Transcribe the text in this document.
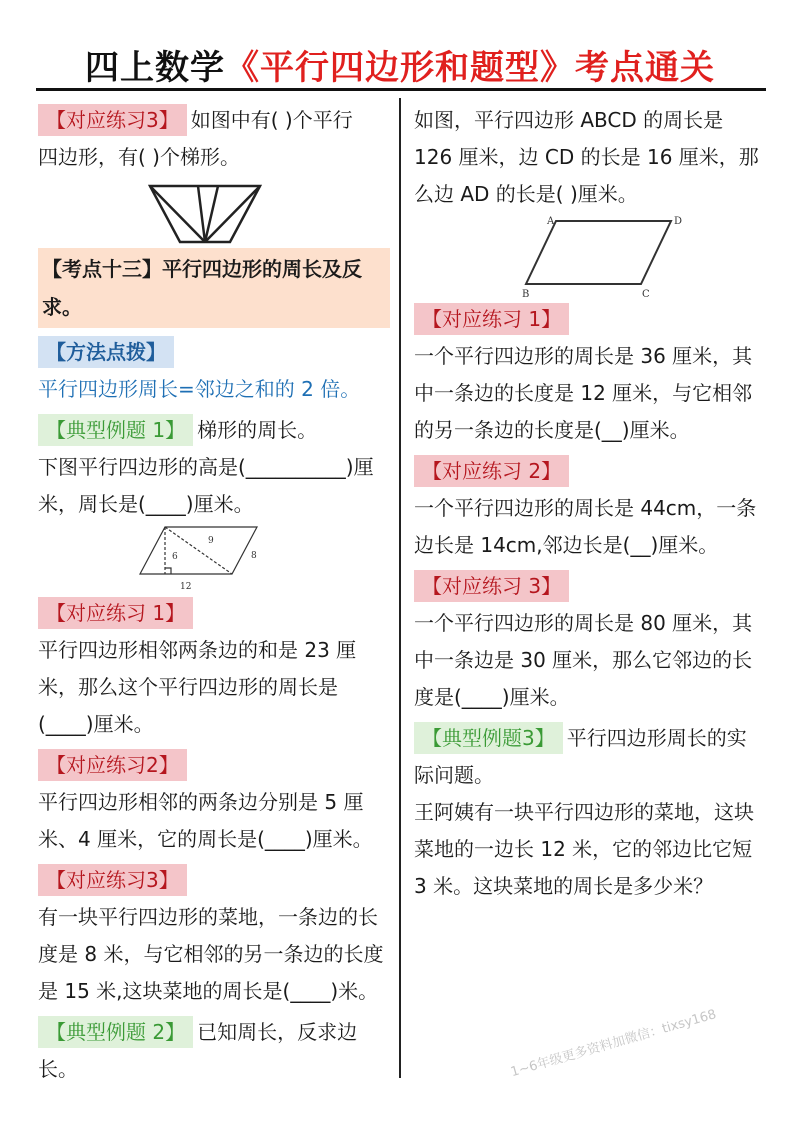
四上数学《平行四边形和题型》考点通关

【对应练习3】 如图中有( )个平行
四边形，有( )个梯形。

【考点十三】平行四边形的周长及反求。

【方法点拨】

平行四边形周长=邻边之和的 2 倍。

【典型例题 1】 梯形的周长。

下图平行四边形的高是(__________)厘

米，周长是(____)厘米。

9
6	8
12

【对应练习 1】

平行四边形相邻两条边的和是 23 厘米，那么这个平行四边形的周长是(____)厘米。

【对应练习2】

平行四边形相邻的两条边分别是 5 厘米、4 厘米，它的周长是(____)厘米。

【对应练习3】

有一块平行四边形的菜地，一条边的长度是 8 米，与它相邻的另一条边的长度是 15 米,这块菜地的周长是(____)米。

【典型例题 2】 已知周长，反求边长。

如图，平行四边形 ABCD 的周长是 126 厘米，边 CD 的长是 16 厘米，那么边 AD 的长是( )厘米。

A	D
B	C

【对应练习 1】

一个平行四边形的周长是 36 厘米，其中一条边的长度是 12 厘米，与它相邻的另一条边的长度是(__)厘米。

【对应练习 2】

一个平行四边形的周长是 44cm，一条边长是 14cm,邻边长是(__)厘米。

【对应练习 3】

一个平行四边形的周长是 80 厘米，其中一条边是 30 厘米，那么它邻边的长度是(____)厘米。

【典型例题3】 平行四边形周长的实际问题。

王阿姨有一块平行四边形的菜地，这块菜地的一边长 12 米，它的邻边比它短 3 米。这块菜地的周长是多少米？

1~6年级更多资料加微信：tixsy168
